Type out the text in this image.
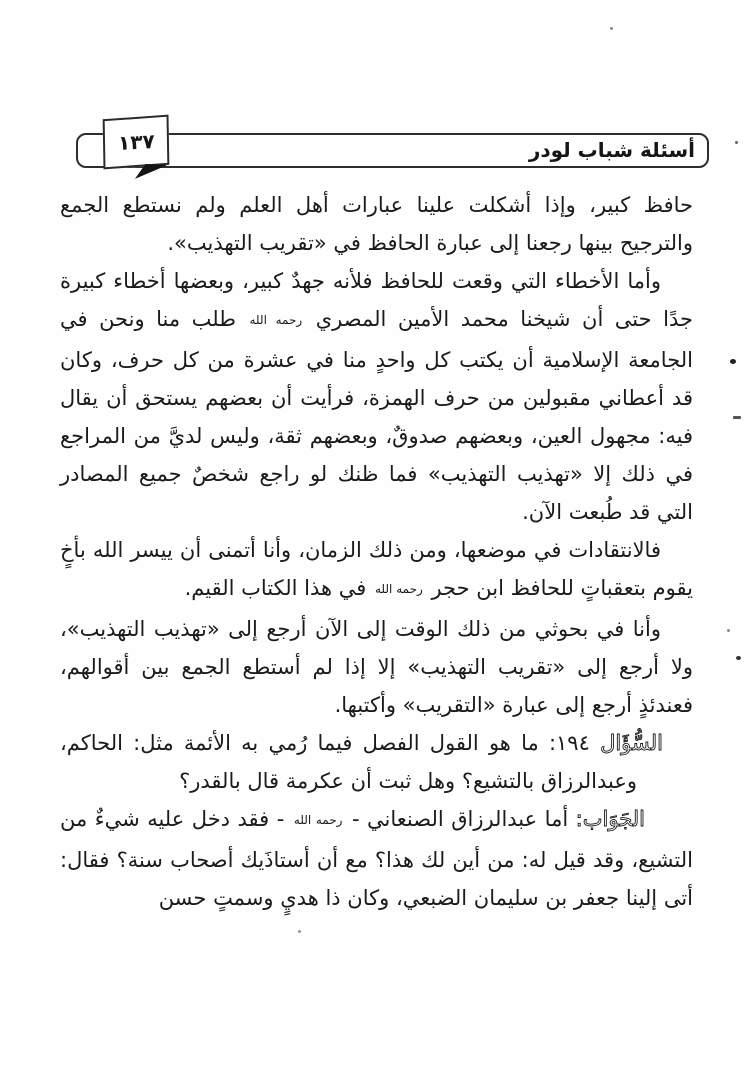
أسئلة شباب لودر
١٣٧

حافظ كبير، وإذا أشكلت علينا عبارات أهل العلم ولم نستطع الجمع والترجيح بينها رجعنا إلى عبارة الحافظ في «تقريب التهذيب».

وأما الأخطاء التي وقعت للحافظ فلأنه جهدٌ كبير، وبعضها أخطاء كبيرة جدًا حتى أن شيخنا محمد الأمين المصري رحمه الله طلب منا ونحن في الجامعة الإسلامية أن يكتب كل واحدٍ منا في عشرة من كل حرف، وكان قد أعطاني مقبولين من حرف الهمزة، فرأيت أن بعضهم يستحق أن يقال فيه: مجهول العين، وبعضهم صدوقٌ، وبعضهم ثقة، وليس لديَّ من المراجع في ذلك إلا «تهذيب التهذيب» فما ظنك لو راجع شخصٌ جميع المصادر التي قد طُبعت الآن.

فالانتقادات في موضعها، ومن ذلك الزمان، وأنا أتمنى أن ييسر الله بأخٍ يقوم بتعقباتٍ للحافظ ابن حجر رحمه الله في هذا الكتاب القيم.

وأنا في بحوثي من ذلك الوقت إلى الآن أرجع إلى «تهذيب التهذيب»، ولا أرجع إلى «تقريب التهذيب» إلا إذا لم أستطع الجمع بين أقوالهم، فعندئذٍ أرجع إلى عبارة «التقريب» وأكتبها.

السُّؤَال ١٩٤: ما هو القول الفصل فيما رُمي به الأئمة مثل: الحاكم، وعبدالرزاق بالتشيع؟ وهل ثبت أن عكرمة قال بالقدر؟

الجَوَاب: أما عبدالرزاق الصنعاني - رحمه الله - فقد دخل عليه شيءٌ من التشيع، وقد قيل له: من أين لك هذا؟ مع أن أستاذَيك أصحاب سنة؟ فقال: أتى إلينا جعفر بن سليمان الضبعي، وكان ذا هديٍ وسمتٍ حسن
